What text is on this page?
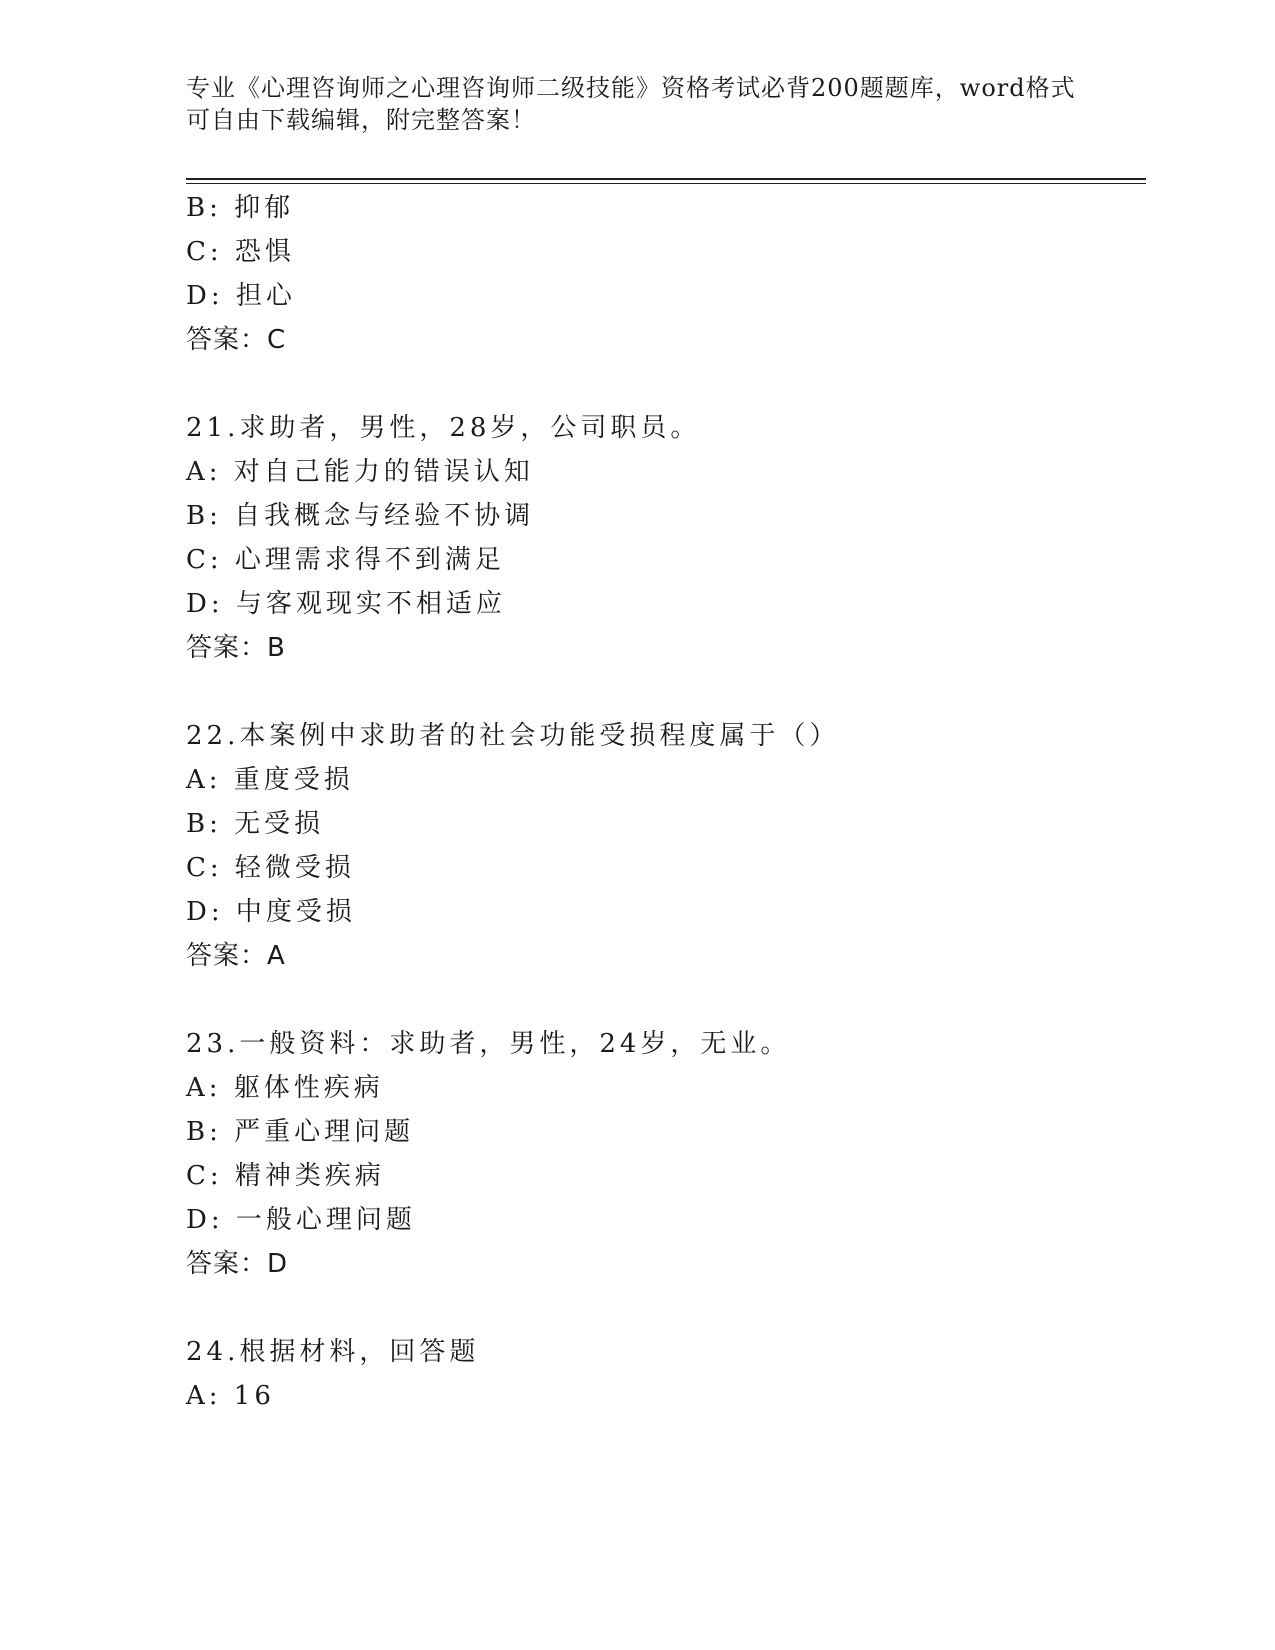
专业《心理咨询师之心理咨询师二级技能》资格考试必背200题题库，word格式
可自由下载编辑，附完整答案！
B: 抑郁
C: 恐惧
D: 担心
答案：C
21.求助者，男性，28岁，公司职员。
A: 对自己能力的错误认知
B: 自我概念与经验不协调
C: 心理需求得不到满足
D: 与客观现实不相适应
答案：B
22.本案例中求助者的社会功能受损程度属于（）
A: 重度受损
B: 无受损
C: 轻微受损
D: 中度受损
答案：A
23.一般资料：求助者，男性，24岁，无业。
A: 躯体性疾病
B: 严重心理问题
C: 精神类疾病
D: 一般心理问题
答案：D
24.根据材料，回答题
A: 16
